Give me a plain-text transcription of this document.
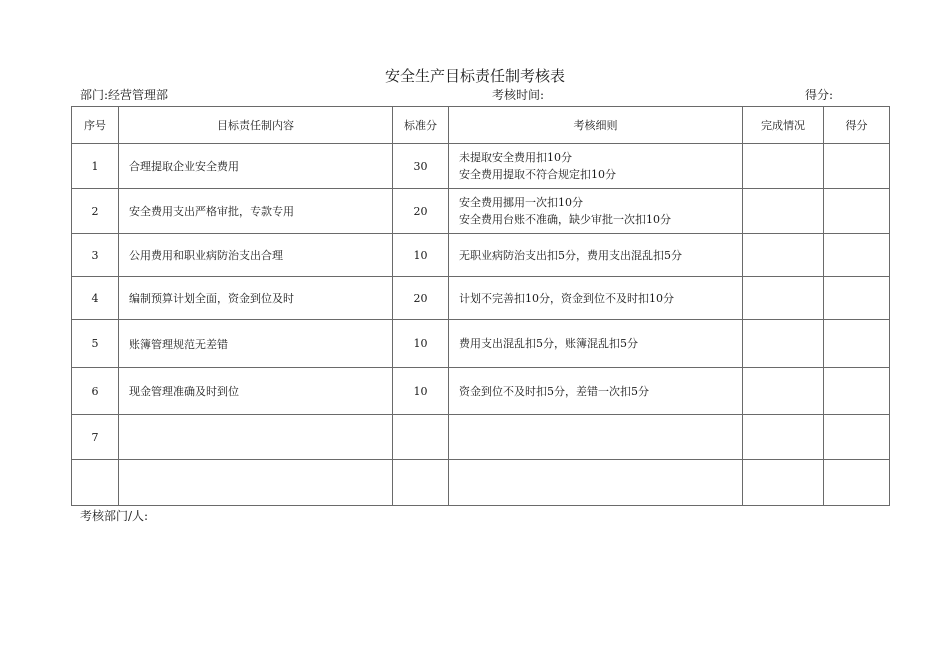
安全生产目标责任制考核表
部门:经营管理部	考核时间:	得分:
序号	目标责任制内容	标准分	考核细则	完成情况	得分
1	合理提取企业安全费用	30	未提取安全费用扣10分
安全费用提取不符合规定扣10分		

2	安全费用支出严格审批，专款专用	20	安全费用挪用一次扣10分
安全费用台账不准确，缺少审批一次扣10分		

3	公用费用和职业病防治支出合理	10	无职业病防治支出扣5分，费用支出混乱扣5分		

4	编制预算计划全面，资金到位及时	20	计划不完善扣10分，资金到位不及时扣10分		

5	账簿管理规范无差错	10	费用支出混乱扣5分，账簿混乱扣5分		

6	现金管理准确及时到位	10	资金到位不及时扣5分，差错一次扣5分		

7					

考核部门/人:
